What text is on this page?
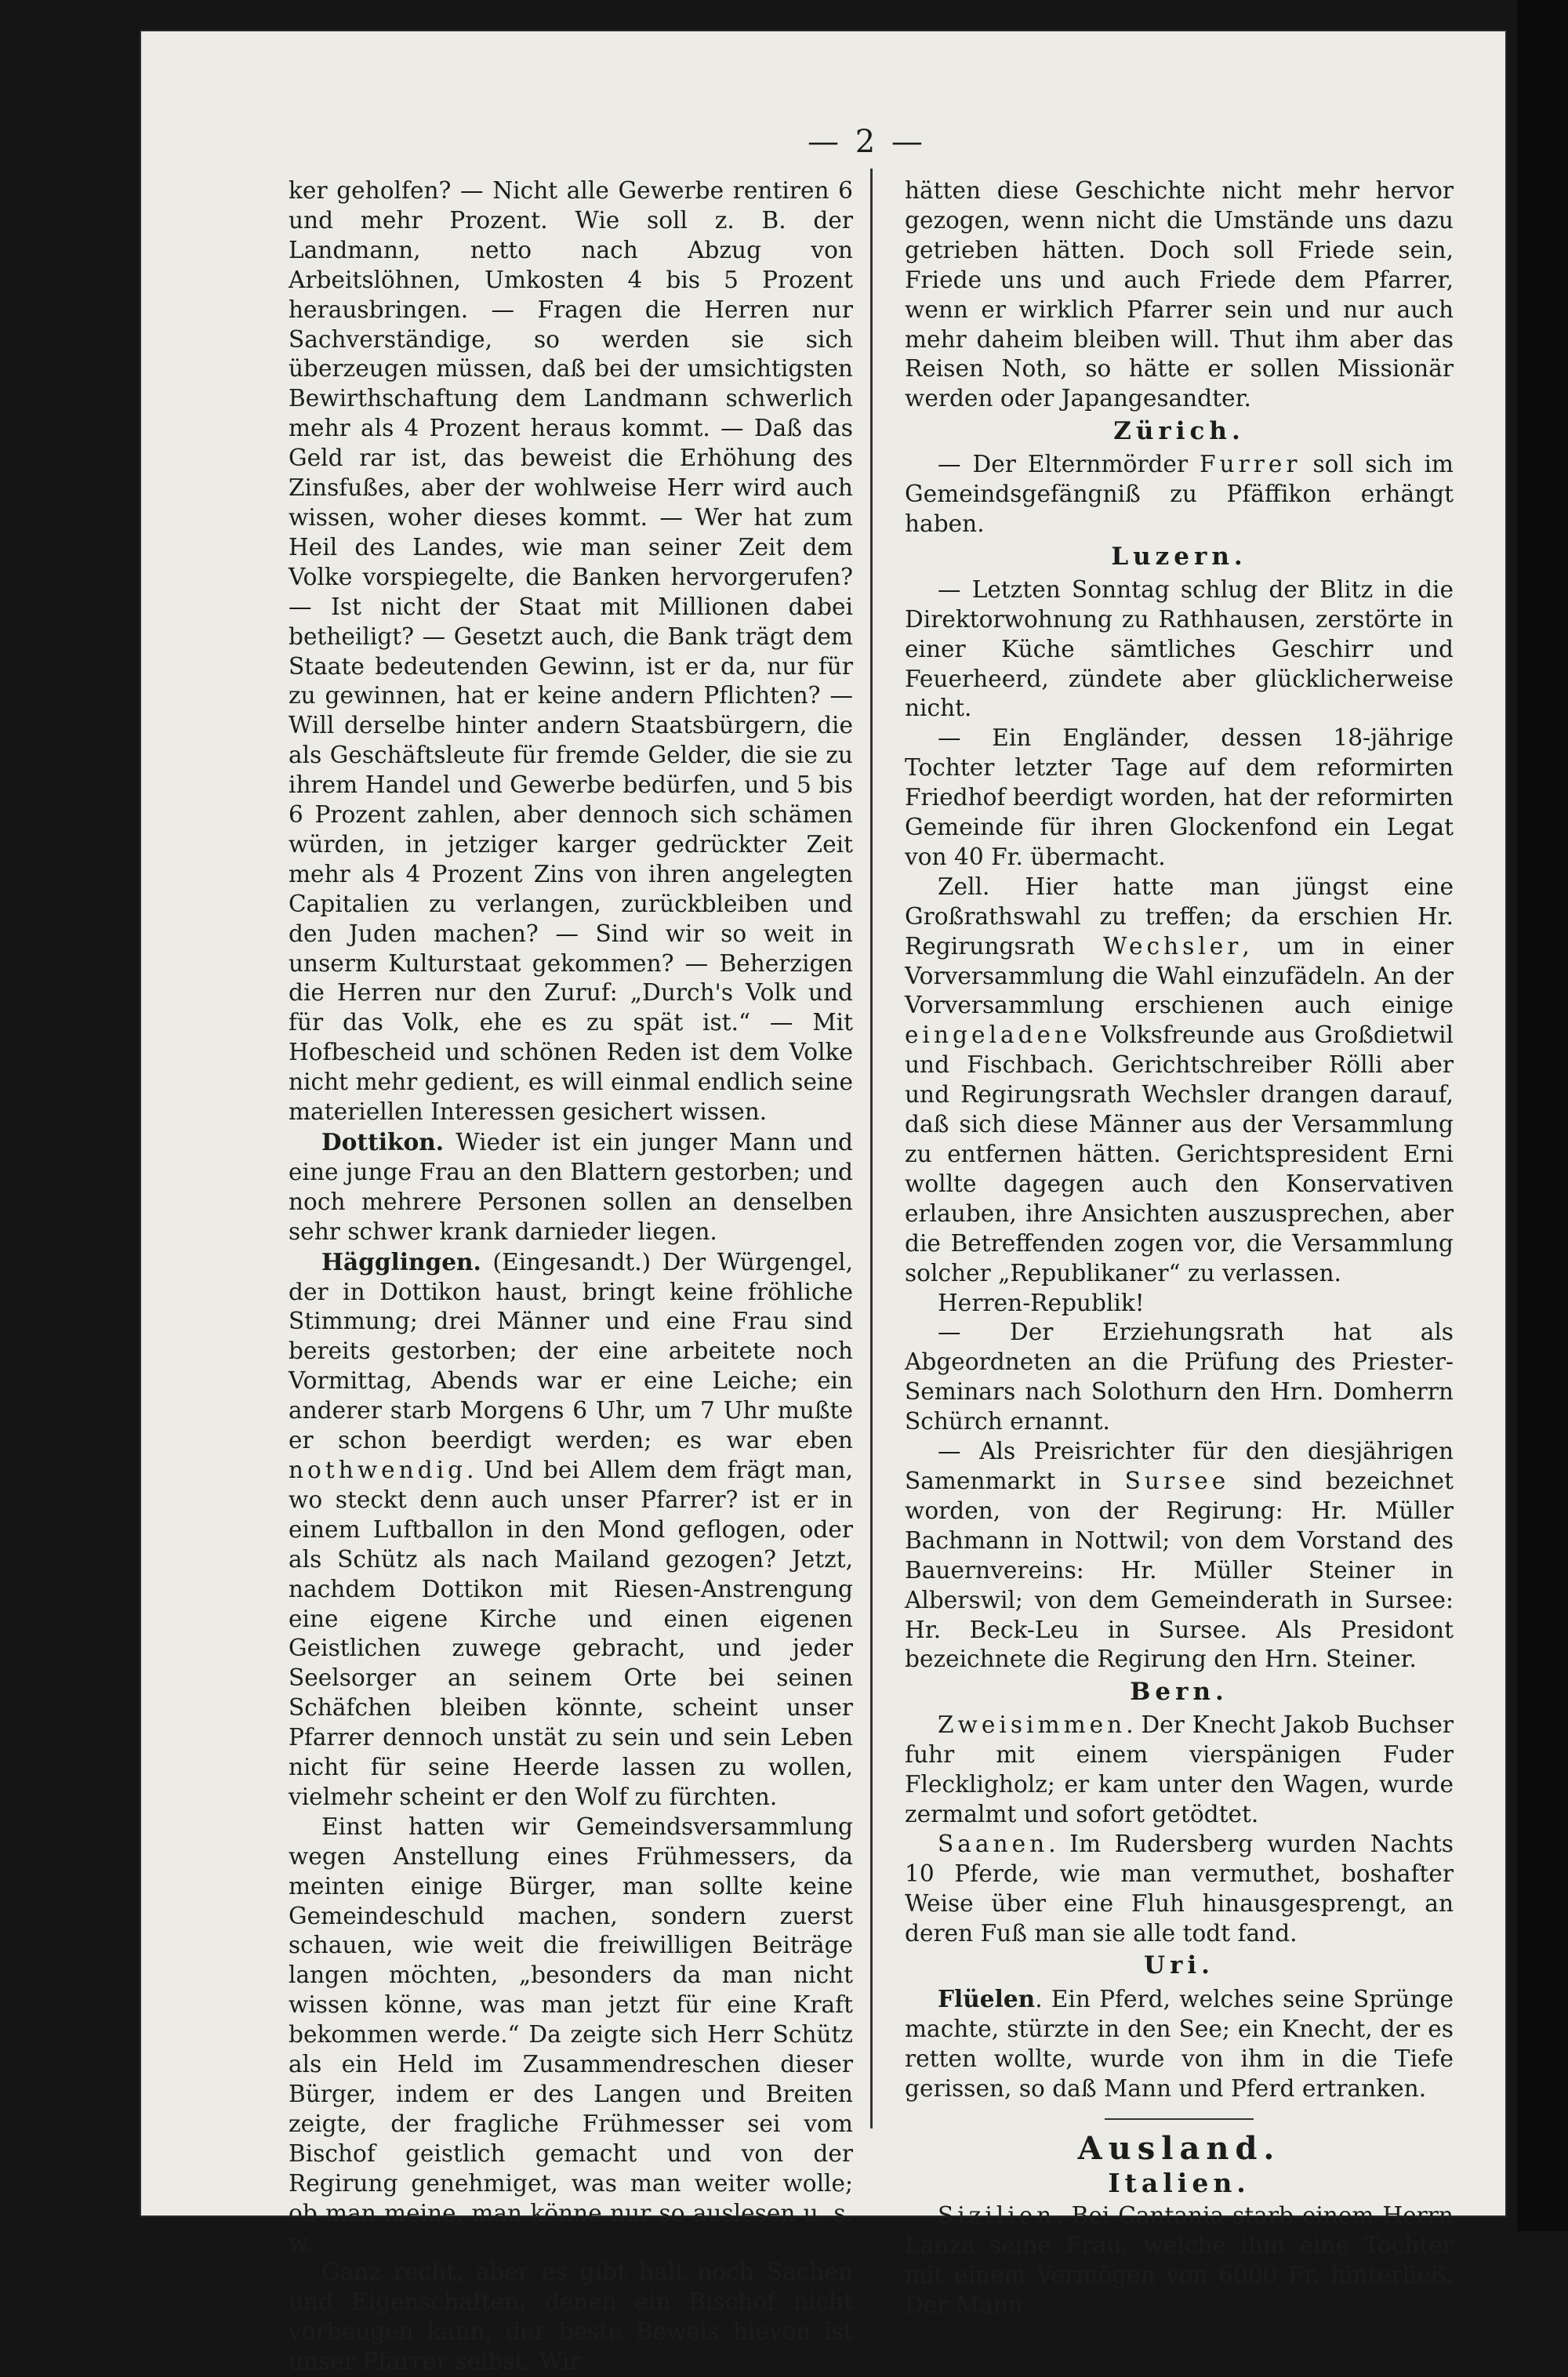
— 2 —

ker geholfen? — Nicht alle Gewerbe rentiren 6 und mehr Prozent. Wie soll z. B. der Landmann, netto nach Abzug von Arbeitslöhnen, Umkosten 4 bis 5 Prozent herausbringen. — Fragen die Herren nur Sachverständige, so werden sie sich überzeugen müssen, daß bei der umsichtigsten Bewirthschaftung dem Landmann schwerlich mehr als 4 Prozent heraus kommt. — Daß das Geld rar ist, das beweist die Erhöhung des Zinsfußes, aber der wohlweise Herr wird auch wissen, woher dieses kommt. — Wer hat zum Heil des Landes, wie man seiner Zeit dem Volke vorspiegelte, die Banken hervorgerufen? — Ist nicht der Staat mit Millionen dabei betheiligt? — Gesetzt auch, die Bank trägt dem Staate bedeutenden Gewinn, ist er da, nur für zu gewinnen, hat er keine andern Pflichten? — Will derselbe hinter andern Staatsbürgern, die als Geschäftsleute für fremde Gelder, die sie zu ihrem Handel und Gewerbe bedürfen, und 5 bis 6 Prozent zahlen, aber dennoch sich schämen würden, in jetziger karger gedrückter Zeit mehr als 4 Prozent Zins von ihren angelegten Capitalien zu verlangen, zurückbleiben und den Juden machen? — Sind wir so weit in unserm Kulturstaat gekommen? — Beherzigen die Herren nur den Zuruf: „Durch's Volk und für das Volk, ehe es zu spät ist.“ — Mit Hofbescheid und schönen Reden ist dem Volke nicht mehr gedient, es will einmal endlich seine materiellen Interessen gesichert wissen.

Dottikon. Wieder ist ein junger Mann und eine junge Frau an den Blattern gestorben; und noch mehrere Personen sollen an denselben sehr schwer krank darnieder liegen.

Hägglingen. (Eingesandt.) Der Würgengel, der in Dottikon haust, bringt keine fröhliche Stimmung; drei Männer und eine Frau sind bereits gestorben; der eine arbeitete noch Vormittag, Abends war er eine Leiche; ein anderer starb Morgens 6 Uhr, um 7 Uhr mußte er schon beerdigt werden; es war eben nothwendig. Und bei Allem dem frägt man, wo steckt denn auch unser Pfarrer? ist er in einem Luftballon in den Mond geflogen, oder als Schütz als nach Mailand gezogen? Jetzt, nachdem Dottikon mit Riesen-Anstrengung eine eigene Kirche und einen eigenen Geistlichen zuwege gebracht, und jeder Seelsorger an seinem Orte bei seinen Schäfchen bleiben könnte, scheint unser Pfarrer dennoch unstät zu sein und sein Leben nicht für seine Heerde lassen zu wollen, vielmehr scheint er den Wolf zu fürchten.

Einst hatten wir Gemeindsversammlung wegen Anstellung eines Frühmessers, da meinten einige Bürger, man sollte keine Gemeindeschuld machen, sondern zuerst schauen, wie weit die freiwilligen Beiträge langen möchten, „besonders da man nicht wissen könne, was man jetzt für eine Kraft bekommen werde.“ Da zeigte sich Herr Schütz als ein Held im Zusammendreschen dieser Bürger, indem er des Langen und Breiten zeigte, der fragliche Frühmesser sei vom Bischof geistlich gemacht und von der Regirung genehmiget, was man weiter wolle; ob man meine, man könne nur so auslesen u. s. w.

Ganz recht, aber es gibt halt noch Sachen und Eigenschaften, denen ein Bischof nicht vorbeugen kann, der beste Beweis hievon ist unser Pfarrer selbst. Wir

hätten diese Geschichte nicht mehr hervor gezogen, wenn nicht die Umstände uns dazu getrieben hätten. Doch soll Friede sein, Friede uns und auch Friede dem Pfarrer, wenn er wirklich Pfarrer sein und nur auch mehr daheim bleiben will. Thut ihm aber das Reisen Noth, so hätte er sollen Missionär werden oder Japangesandter.

Zürich.

— Der Elternmörder Furrer soll sich im Gemeindsgefängniß zu Pfäffikon erhängt haben.

Luzern.

— Letzten Sonntag schlug der Blitz in die Direktorwohnung zu Rathhausen, zerstörte in einer Küche sämtliches Geschirr und Feuerheerd, zündete aber glücklicherweise nicht.

— Ein Engländer, dessen 18-jährige Tochter letzter Tage auf dem reformirten Friedhof beerdigt worden, hat der reformirten Gemeinde für ihren Glockenfond ein Legat von 40 Fr. übermacht.

Zell. Hier hatte man jüngst eine Großrathswahl zu treffen; da erschien Hr. Regirungsrath Wechsler, um in einer Vorversammlung die Wahl einzufädeln. An der Vorversammlung erschienen auch einige eingeladene Volksfreunde aus Großdietwil und Fischbach. Gerichtschreiber Rölli aber und Regirungsrath Wechsler drangen darauf, daß sich diese Männer aus der Versammlung zu entfernen hätten. Gerichtspresident Erni wollte dagegen auch den Konservativen erlauben, ihre Ansichten auszusprechen, aber die Betreffenden zogen vor, die Versammlung solcher „Republikaner“ zu verlassen.

Herren-Republik!

— Der Erziehungsrath hat als Abgeordneten an die Prüfung des Priester-Seminars nach Solothurn den Hrn. Domherrn Schürch ernannt.

— Als Preisrichter für den diesjährigen Samenmarkt in Sursee sind bezeichnet worden, von der Regirung: Hr. Müller Bachmann in Nottwil; von dem Vorstand des Bauernvereins: Hr. Müller Steiner in Alberswil; von dem Gemeinderath in Sursee: Hr. Beck-Leu in Sursee. Als Presidont bezeichnete die Regirung den Hrn. Steiner.

Bern.

Zweisimmen. Der Knecht Jakob Buchser fuhr mit einem vierspänigen Fuder Fleckligholz; er kam unter den Wagen, wurde zermalmt und sofort getödtet.

Saanen. Im Rudersberg wurden Nachts 10 Pferde, wie man vermuthet, boshafter Weise über eine Fluh hinausgesprengt, an deren Fuß man sie alle todt fand.

Uri.

Flüelen. Ein Pferd, welches seine Sprünge machte, stürzte in den See; ein Knecht, der es retten wollte, wurde von ihm in die Tiefe gerissen, so daß Mann und Pferd ertranken.

Ausland.
Italien.

Sizilien. Bei Cantania starb einem Herrn Lanza seine Frau, welche ihm eine Tochter mit einem Vermögen von 6000 Fr. hinterließ. Der Mann
